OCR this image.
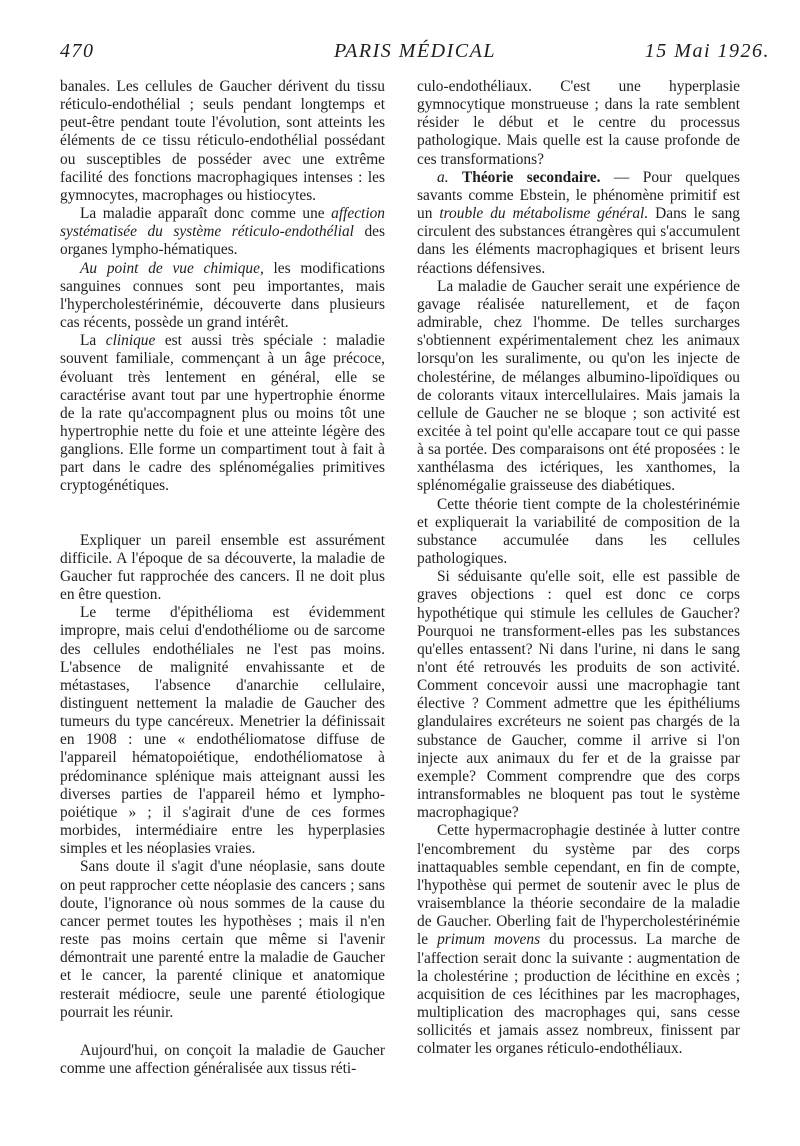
470	PARIS MÉDICAL	15 Mai 1926.

banales. Les cellules de Gaucher dérivent du tissu réticulo-endothélial ; seuls pendant longtemps et peut-être pendant toute l'évolution, sont atteints les éléments de ce tissu réticulo-endothélial possédant ou susceptibles de posséder avec une extrême facilité des fonctions macrophagiques intenses : les gymnocytes, macrophages ou histiocytes.

La maladie apparaît donc comme une affection systématisée du système réticulo-endothélial des organes lympho-hématiques.

Au point de vue chimique, les modifications sanguines connues sont peu importantes, mais l'hypercholestérinémie, découverte dans plusieurs cas récents, possède un grand intérêt.

La clinique est aussi très spéciale : maladie souvent familiale, commençant à un âge précoce, évoluant très lentement en général, elle se caractérise avant tout par une hypertrophie énorme de la rate qu'accompagnent plus ou moins tôt une hypertrophie nette du foie et une atteinte légère des ganglions. Elle forme un compartiment tout à fait à part dans le cadre des splénomégalies primitives cryptogénétiques.

Expliquer un pareil ensemble est assurément difficile. A l'époque de sa découverte, la maladie de Gaucher fut rapprochée des cancers. Il ne doit plus en être question.

Le terme d'épithélioma est évidemment impropre, mais celui d'endothéliome ou de sarcome des cellules endothéliales ne l'est pas moins. L'absence de malignité envahissante et de métastases, l'absence d'anarchie cellulaire, distinguent nettement la maladie de Gaucher des tumeurs du type cancéreux. Menetrier la définissait en 1908 : une « endothéliomatose diffuse de l'appareil hématopoiétique, endothéliomatose à prédominance splénique mais atteignant aussi les diverses parties de l'appareil hémo et lympho-poiétique » ; il s'agirait d'une de ces formes morbides, intermédiaire entre les hyperplasies simples et les néoplasies vraies.

Sans doute il s'agit d'une néoplasie, sans doute on peut rapprocher cette néoplasie des cancers ; sans doute, l'ignorance où nous sommes de la cause du cancer permet toutes les hypothèses ; mais il n'en reste pas moins certain que même si l'avenir démontrait une parenté entre la maladie de Gaucher et le cancer, la parenté clinique et anatomique resterait médiocre, seule une parenté étiologique pourrait les réunir.

Aujourd'hui, on conçoit la maladie de Gaucher comme une affection généralisée aux tissus réti-

culo-endothéliaux. C'est une hyperplasie gymnocytique monstrueuse ; dans la rate semblent résider le début et le centre du processus pathologique. Mais quelle est la cause profonde de ces transformations?

a. Théorie secondaire. — Pour quelques savants comme Ebstein, le phénomène primitif est un trouble du métabolisme général. Dans le sang circulent des substances étrangères qui s'accumulent dans les éléments macrophagiques et brisent leurs réactions défensives.

La maladie de Gaucher serait une expérience de gavage réalisée naturellement, et de façon admirable, chez l'homme. De telles surcharges s'obtiennent expérimentalement chez les animaux lorsqu'on les suralimente, ou qu'on les injecte de cholestérine, de mélanges albumino-lipoïdiques ou de colorants vitaux intercellulaires. Mais jamais la cellule de Gaucher ne se bloque ; son activité est excitée à tel point qu'elle accapare tout ce qui passe à sa portée. Des comparaisons ont été proposées : le xanthélasma des ictériques, les xanthomes, la splénomégalie graisseuse des diabétiques.

Cette théorie tient compte de la cholestérinémie et expliquerait la variabilité de composition de la substance accumulée dans les cellules pathologiques.

Si séduisante qu'elle soit, elle est passible de graves objections : quel est donc ce corps hypothétique qui stimule les cellules de Gaucher? Pourquoi ne transforment-elles pas les substances qu'elles entassent? Ni dans l'urine, ni dans le sang n'ont été retrouvés les produits de son activité. Comment concevoir aussi une macrophagie tant élective ? Comment admettre que les épithéliums glandulaires excréteurs ne soient pas chargés de la substance de Gaucher, comme il arrive si l'on injecte aux animaux du fer et de la graisse par exemple? Comment comprendre que des corps intransformables ne bloquent pas tout le système macrophagique?

Cette hypermacrophagie destinée à lutter contre l'encombrement du système par des corps inattaquables semble cependant, en fin de compte, l'hypothèse qui permet de soutenir avec le plus de vraisemblance la théorie secondaire de la maladie de Gaucher. Oberling fait de l'hypercholestérinémie le primum movens du processus. La marche de l'affection serait donc la suivante : augmentation de la cholestérine ; production de lécithine en excès ; acquisition de ces lécithines par les macrophages, multiplication des macrophages qui, sans cesse sollicités et jamais assez nombreux, finissent par colmater les organes réticulo-endothéliaux.
